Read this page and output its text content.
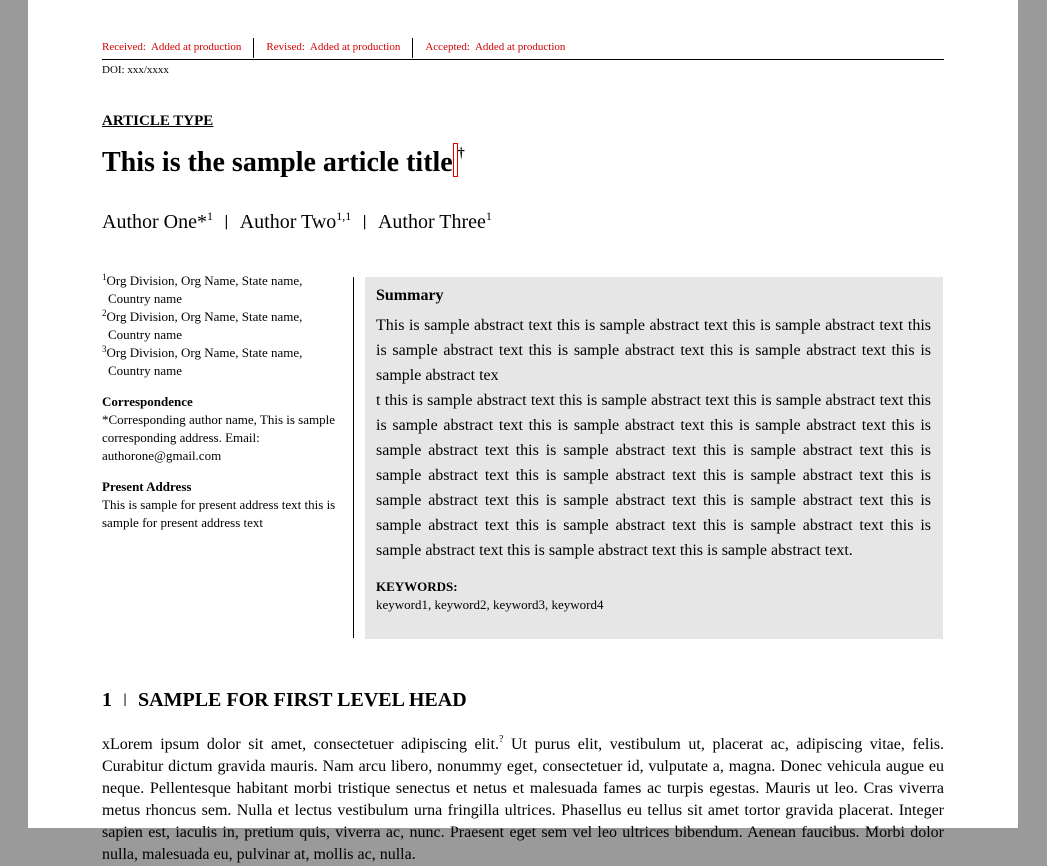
Received: Added at production	Revised: Added at production	Accepted: Added at production
DOI: xxx/xxxx
ARTICLE TYPE
This is the sample article title †
Author One*$^1$ | Author Two$^{1,1}$ | Author Three$^1$
$^1$Org Division, Org Name, State name,
Country name
$^2$Org Division, Org Name, State name,
Country name
$^3$Org Division, Org Name, State name,
Country name
Correspondence
*Corresponding author name, This is sample corresponding address. Email: authorone@gmail.com
Present Address
This is sample for present address text this is sample for present address text
Summary

This is sample abstract text this is sample abstract text this is sample abstract text this is sample abstract text this is sample abstract text this is sample abstract text this is sample abstract tex

t this is sample abstract text this is sample abstract text this is sample abstract text this is sample abstract text this is sample abstract text this is sample abstract text this is sample abstract text this is sample abstract text this is sample abstract text this is sample abstract text this is sample abstract text this is sample abstract text this is sample abstract text this is sample abstract text this is sample abstract text this is sample abstract text this is sample abstract text this is sample abstract text this is sample abstract text this is sample abstract text this is sample abstract text.

KEYWORDS:
keyword1, keyword2, keyword3, keyword4
1 | SAMPLE FOR FIRST LEVEL HEAD

xLorem ipsum dolor sit amet, consectetuer adipiscing elit.? Ut purus elit, vestibulum ut, placerat ac, adipiscing vitae, felis. Curabitur dictum gravida mauris. Nam arcu libero, nonummy eget, consectetuer id, vulputate a, magna. Donec vehicula augue eu neque. Pellentesque habitant morbi tristique senectus et netus et malesuada fames ac turpis egestas. Mauris ut leo. Cras viverra metus rhoncus sem. Nulla et lectus vestibulum urna fringilla ultrices. Phasellus eu tellus sit amet tortor gravida placerat. Integer sapien est, iaculis in, pretium quis, viverra ac, nunc. Praesent eget sem vel leo ultrices bibendum. Aenean faucibus. Morbi dolor nulla, malesuada eu, pulvinar at, mollis ac, nulla.
